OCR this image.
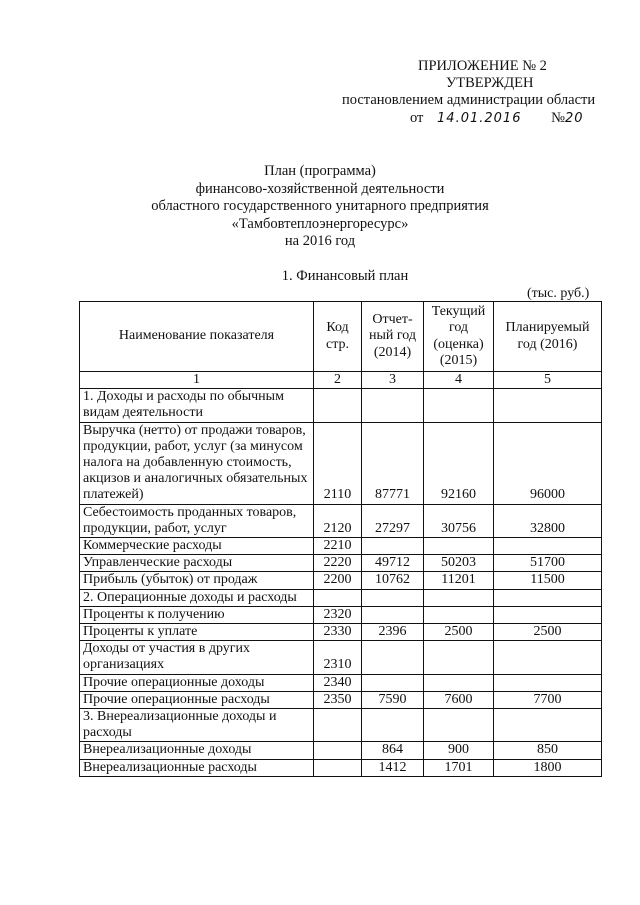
ПРИЛОЖЕНИЕ № 2
УТВЕРЖДЕН
постановлением администрации области
от 14.01.2016 №20
План (программа)
финансово-хозяйственной деятельности
областного государственного унитарного предприятия
«Тамбовтеплоэнергоресурс»
на 2016 год
1. Финансовый план
(тыс. руб.)
Наименование показателя	Код стр.	Отчет-ный год (2014)	Текущий год (оценка) (2015)	Планируемый год (2016)
1	2	3	4	5
1. Доходы и расходы по обычным видам деятельности				
Выручка (нетто) от продажи товаров, продукции, работ, услуг (за минусом налога на добавленную стоимость, акцизов и аналогичных обязательных платежей)	2110	87771	92160	96000
Себестоимость проданных товаров, продукции, работ, услуг	2120	27297	30756	32800
Коммерческие расходы	2210			
Управленческие расходы	2220	49712	50203	51700
Прибыль (убыток) от продаж	2200	10762	11201	11500
2. Операционные доходы и расходы				
Проценты к получению	2320			
Проценты к уплате	2330	2396	2500	2500
Доходы от участия в других организациях	2310			
Прочие операционные доходы	2340			
Прочие операционные расходы	2350	7590	7600	7700
3. Внереализационные доходы и расходы				
Внереализационные доходы		864	900	850
Внереализационные расходы		1412	1701	1800
